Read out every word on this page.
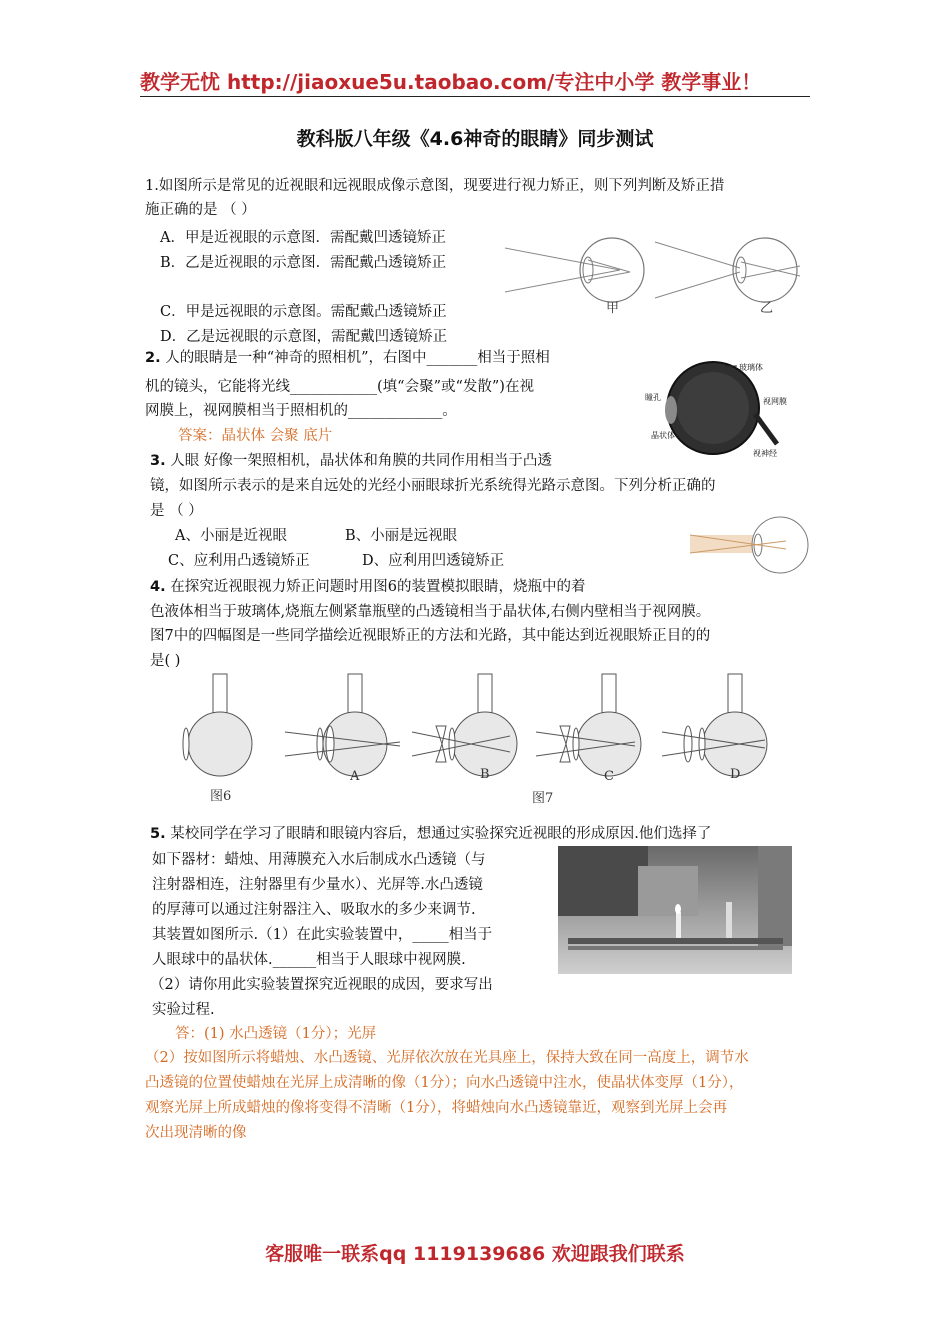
教学无忧 http://jiaoxue5u.taobao.com/专注中小学 教学事业！
教科版八年级《4.6神奇的眼睛》同步测试
1.如图所示是常见的近视眼和远视眼成像示意图，现要进行视力矫正，则下列判断及矫正措
施正确的是 （ ）
A．甲是近视眼的示意图．需配戴凹透镜矫正
B．乙是近视眼的示意图．需配戴凸透镜矫正
C．甲是远视眼的示意图。需配戴凸透镜矫正
D．乙是远视眼的示意图，需配戴凹透镜矫正
甲	乙
2. 人的眼睛是一种“神奇的照相机”，右图中_______相当于照相
机的镜头，它能将光线____________(填“会聚”或“发散”)在视
网膜上，视网膜相当于照相机的_____________。
答案：晶状体 会聚 底片
玻璃体
瞳孔	视网膜
晶状体
视神经
3. 人眼 好像一架照相机，晶状体和角膜的共同作用相当于凸透
镜，如图所示表示的是来自远处的光经小丽眼球折光系统得光路示意图。下列分析正确的
是 （ ）
A、小丽是近视眼	B、小丽是远视眼
C、应利用凸透镜矫正	D、应利用凹透镜矫正
4. 在探究近视眼视力矫正问题时用图6的装置模拟眼睛，烧瓶中的着
色液体相当于玻璃体,烧瓶左侧紧靠瓶壁的凸透镜相当于晶状体,右侧内壁相当于视网膜。
图7中的四幅图是一些同学描绘近视眼矫正的方法和光路，其中能达到近视眼矫正目的的
是( )
A	B	C	D
图6	图7
5. 某校同学在学习了眼睛和眼镜内容后，想通过实验探究近视眼的形成原因.他们选择了
如下器材：蜡烛、用薄膜充入水后制成水凸透镜（与
注射器相连，注射器里有少量水）、光屏等.水凸透镜
的厚薄可以通过注射器注入、吸取水的多少来调节.
其装置如图所示.（1）在此实验装置中，_____相当于
人眼球中的晶状体.______相当于人眼球中视网膜.
（2）请你用此实验装置探究近视眼的成因，要求写出
实验过程.
答：(1) 水凸透镜（1分）；光屏
（2）按如图所示将蜡烛、水凸透镜、光屏依次放在光具座上，保持大致在同一高度上，调节水
凸透镜的位置使蜡烛在光屏上成清晰的像（1分）；向水凸透镜中注水，使晶状体变厚（1分），
观察光屏上所成蜡烛的像将变得不清晰（1分），将蜡烛向水凸透镜靠近，观察到光屏上会再
次出现清晰的像
客服唯一联系qq 1119139686 欢迎跟我们联系
